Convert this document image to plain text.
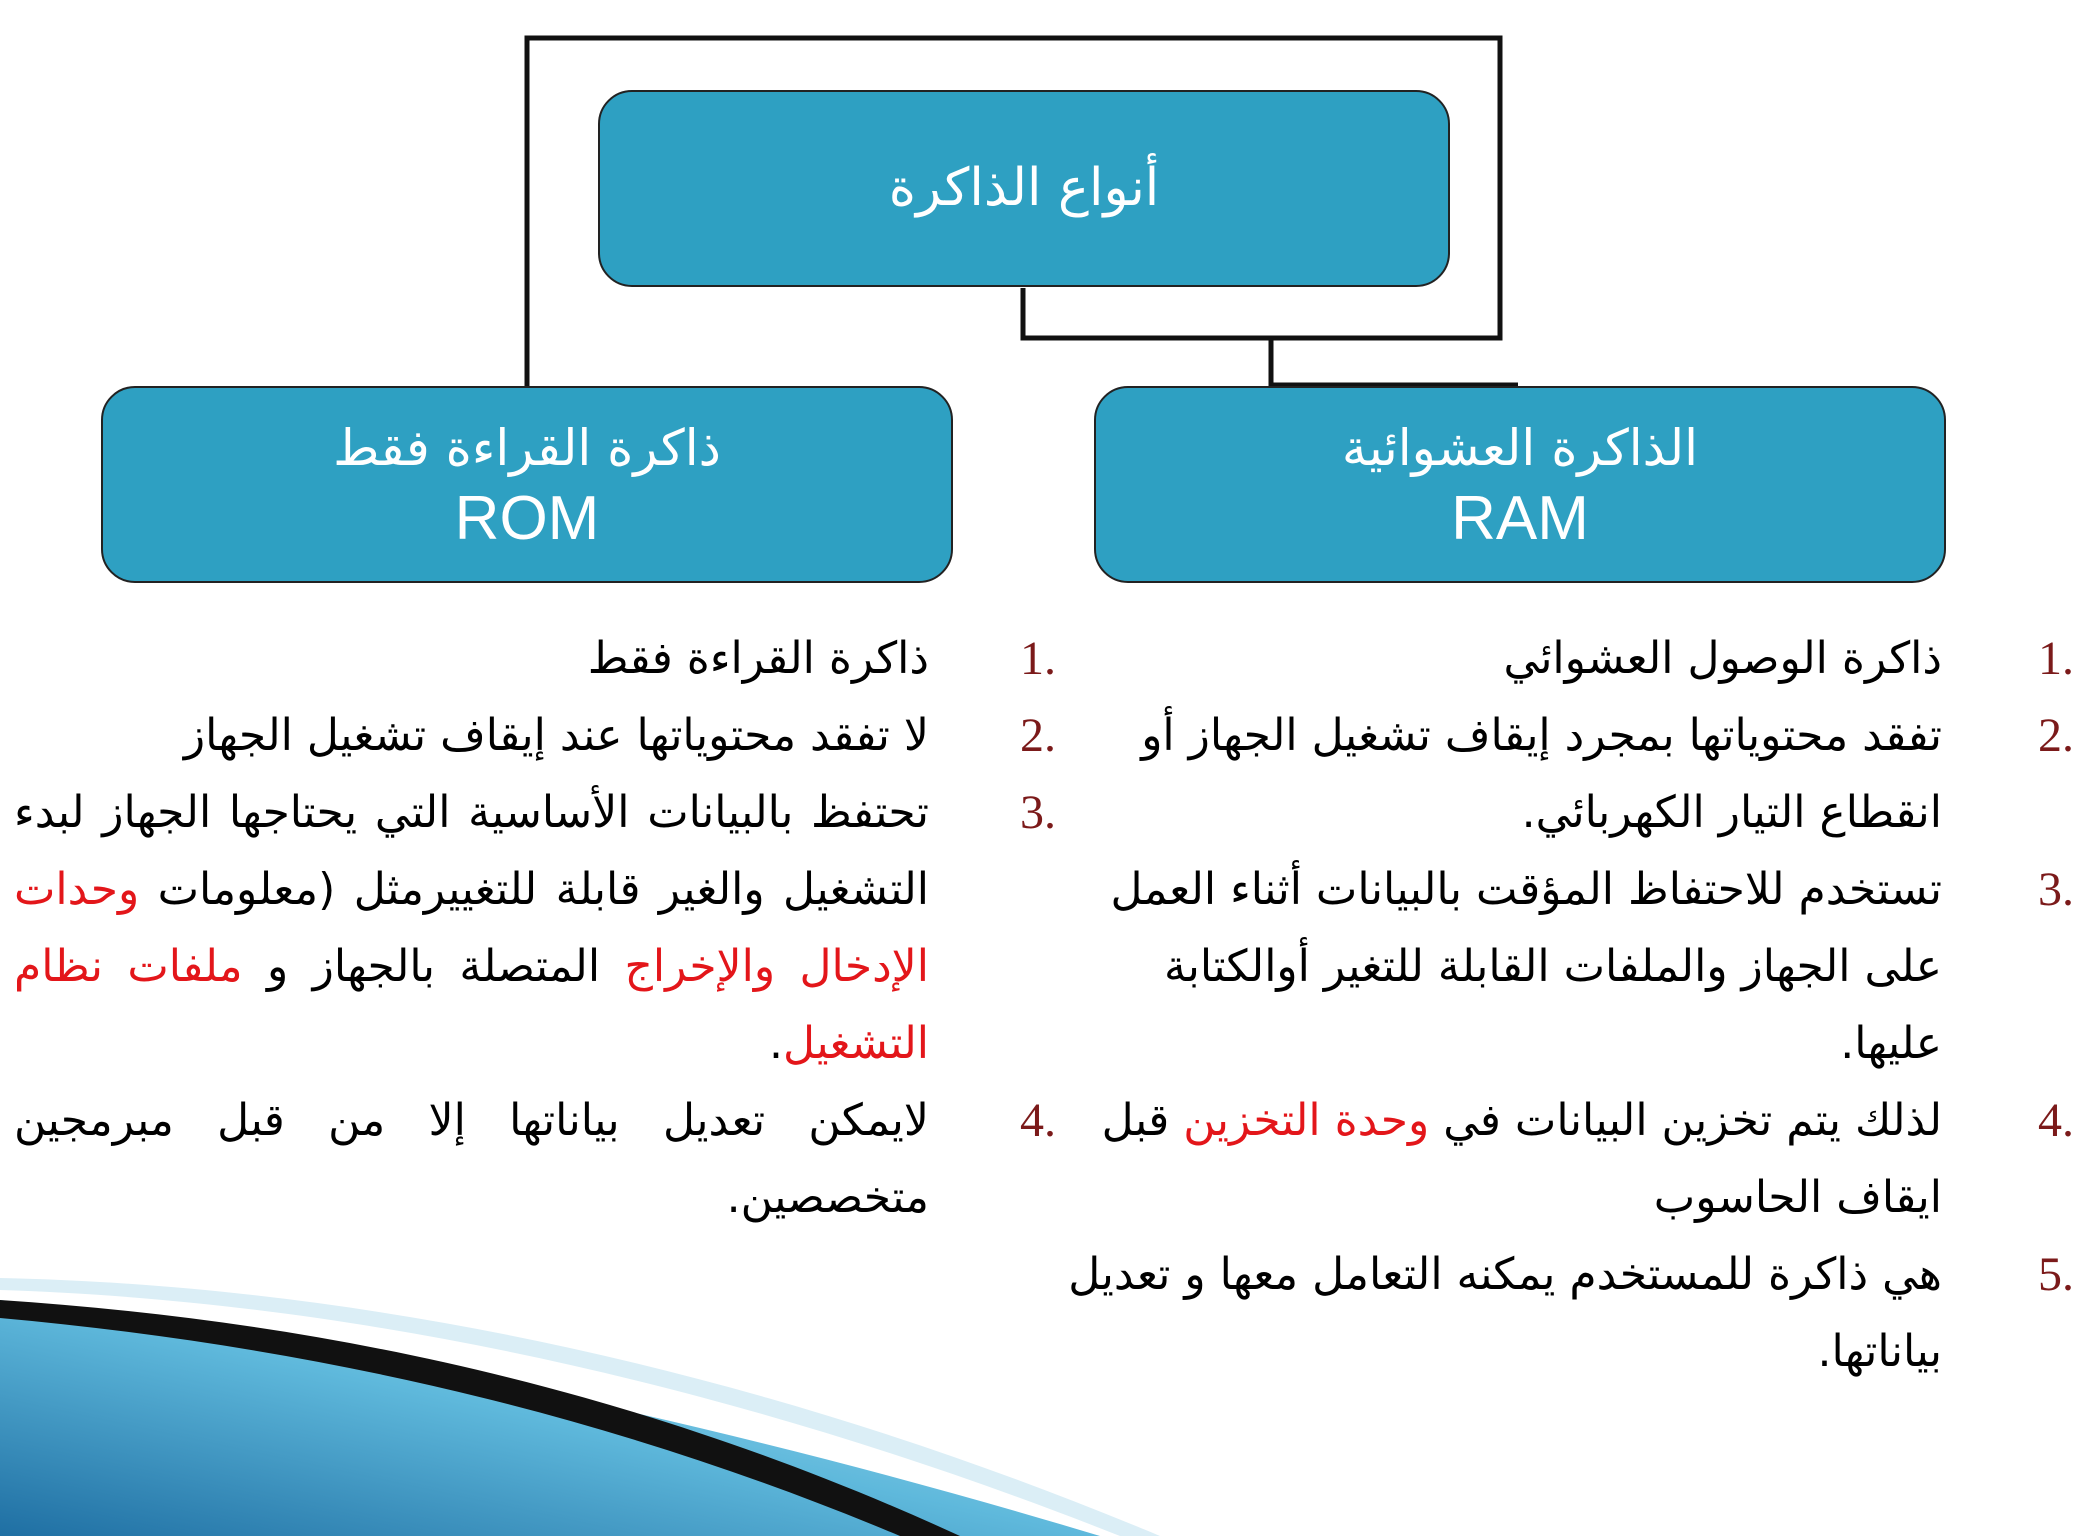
أنواع الذاكرة
الذاكرة العشوائية
RAM
ذاكرة القراءة فقط
ROM
1.
ذاكرة الوصول العشوائي
2.
تفقد محتوياتها بمجرد إيقاف تشغيل الجهاز أو انقطاع التيار الكهربائي.
3.
تستخدم للاحتفاظ المؤقت بالبيانات أثناء العمل على الجهاز والملفات القابلة للتغير أوالكتابة عليها.
4.
لذلك يتم تخزين البيانات في وحدة التخزين قبل ايقاف الحاسوب
5.
هي ذاكرة للمستخدم يمكنه التعامل معها و تعديل بياناتها.
1.
ذاكرة القراءة فقط
2.
لا تفقد محتوياتها عند إيقاف تشغيل الجهاز
3.
تحتفظ بالبيانات الأساسية التي يحتاجها الجهاز لبدء التشغيل والغير قابلة للتغييرمثل (معلومات وحدات الإدخال والإخراج المتصلة بالجهاز و ملفات نظام التشغيل.
4.
لايمكن تعديل بياناتها إلا من قبل مبرمجين متخصصين.
